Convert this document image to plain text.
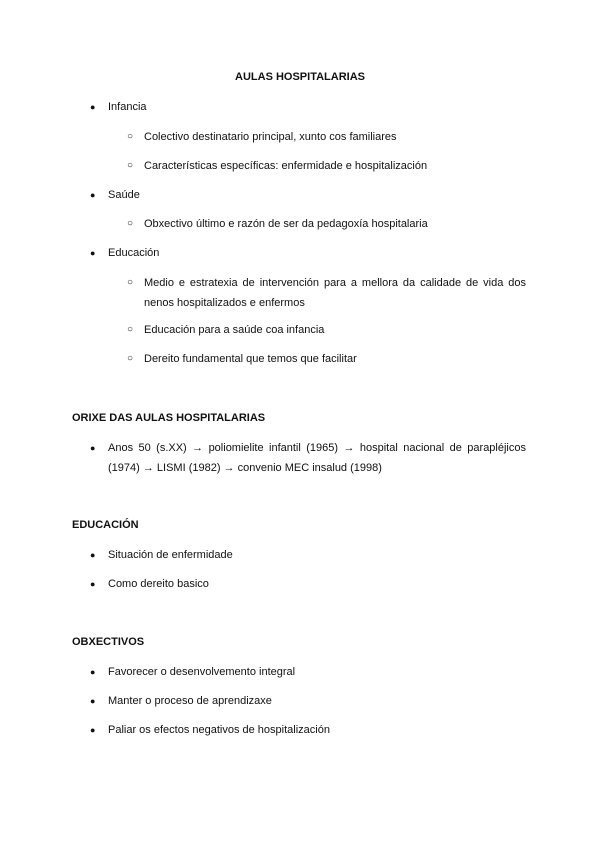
AULAS HOSPITALARIAS
● Infancia
○ Colectivo destinatario principal, xunto cos familiares
○ Características específicas: enfermidade e hospitalización
● Saúde
○ Obxectivo último e razón de ser da pedagoxía hospitalaria
● Educación
○ Medio e estratexia de intervención para a mellora da calidade de vida dos nenos hospitalizados e enfermos
○ Educación para a saúde coa infancia
○ Dereito fundamental que temos que facilitar
ORIXE DAS AULAS HOSPITALARIAS
● Anos 50 (s.XX) → poliomielite infantil (1965) → hospital nacional de parapléjicos (1974) → LISMI (1982) → convenio MEC insalud (1998)
EDUCACIÓN
● Situación de enfermidade
● Como dereito basico
OBXECTIVOS
● Favorecer o desenvolvemento integral
● Manter o proceso de aprendizaxe
● Paliar os efectos negativos de hospitalización
